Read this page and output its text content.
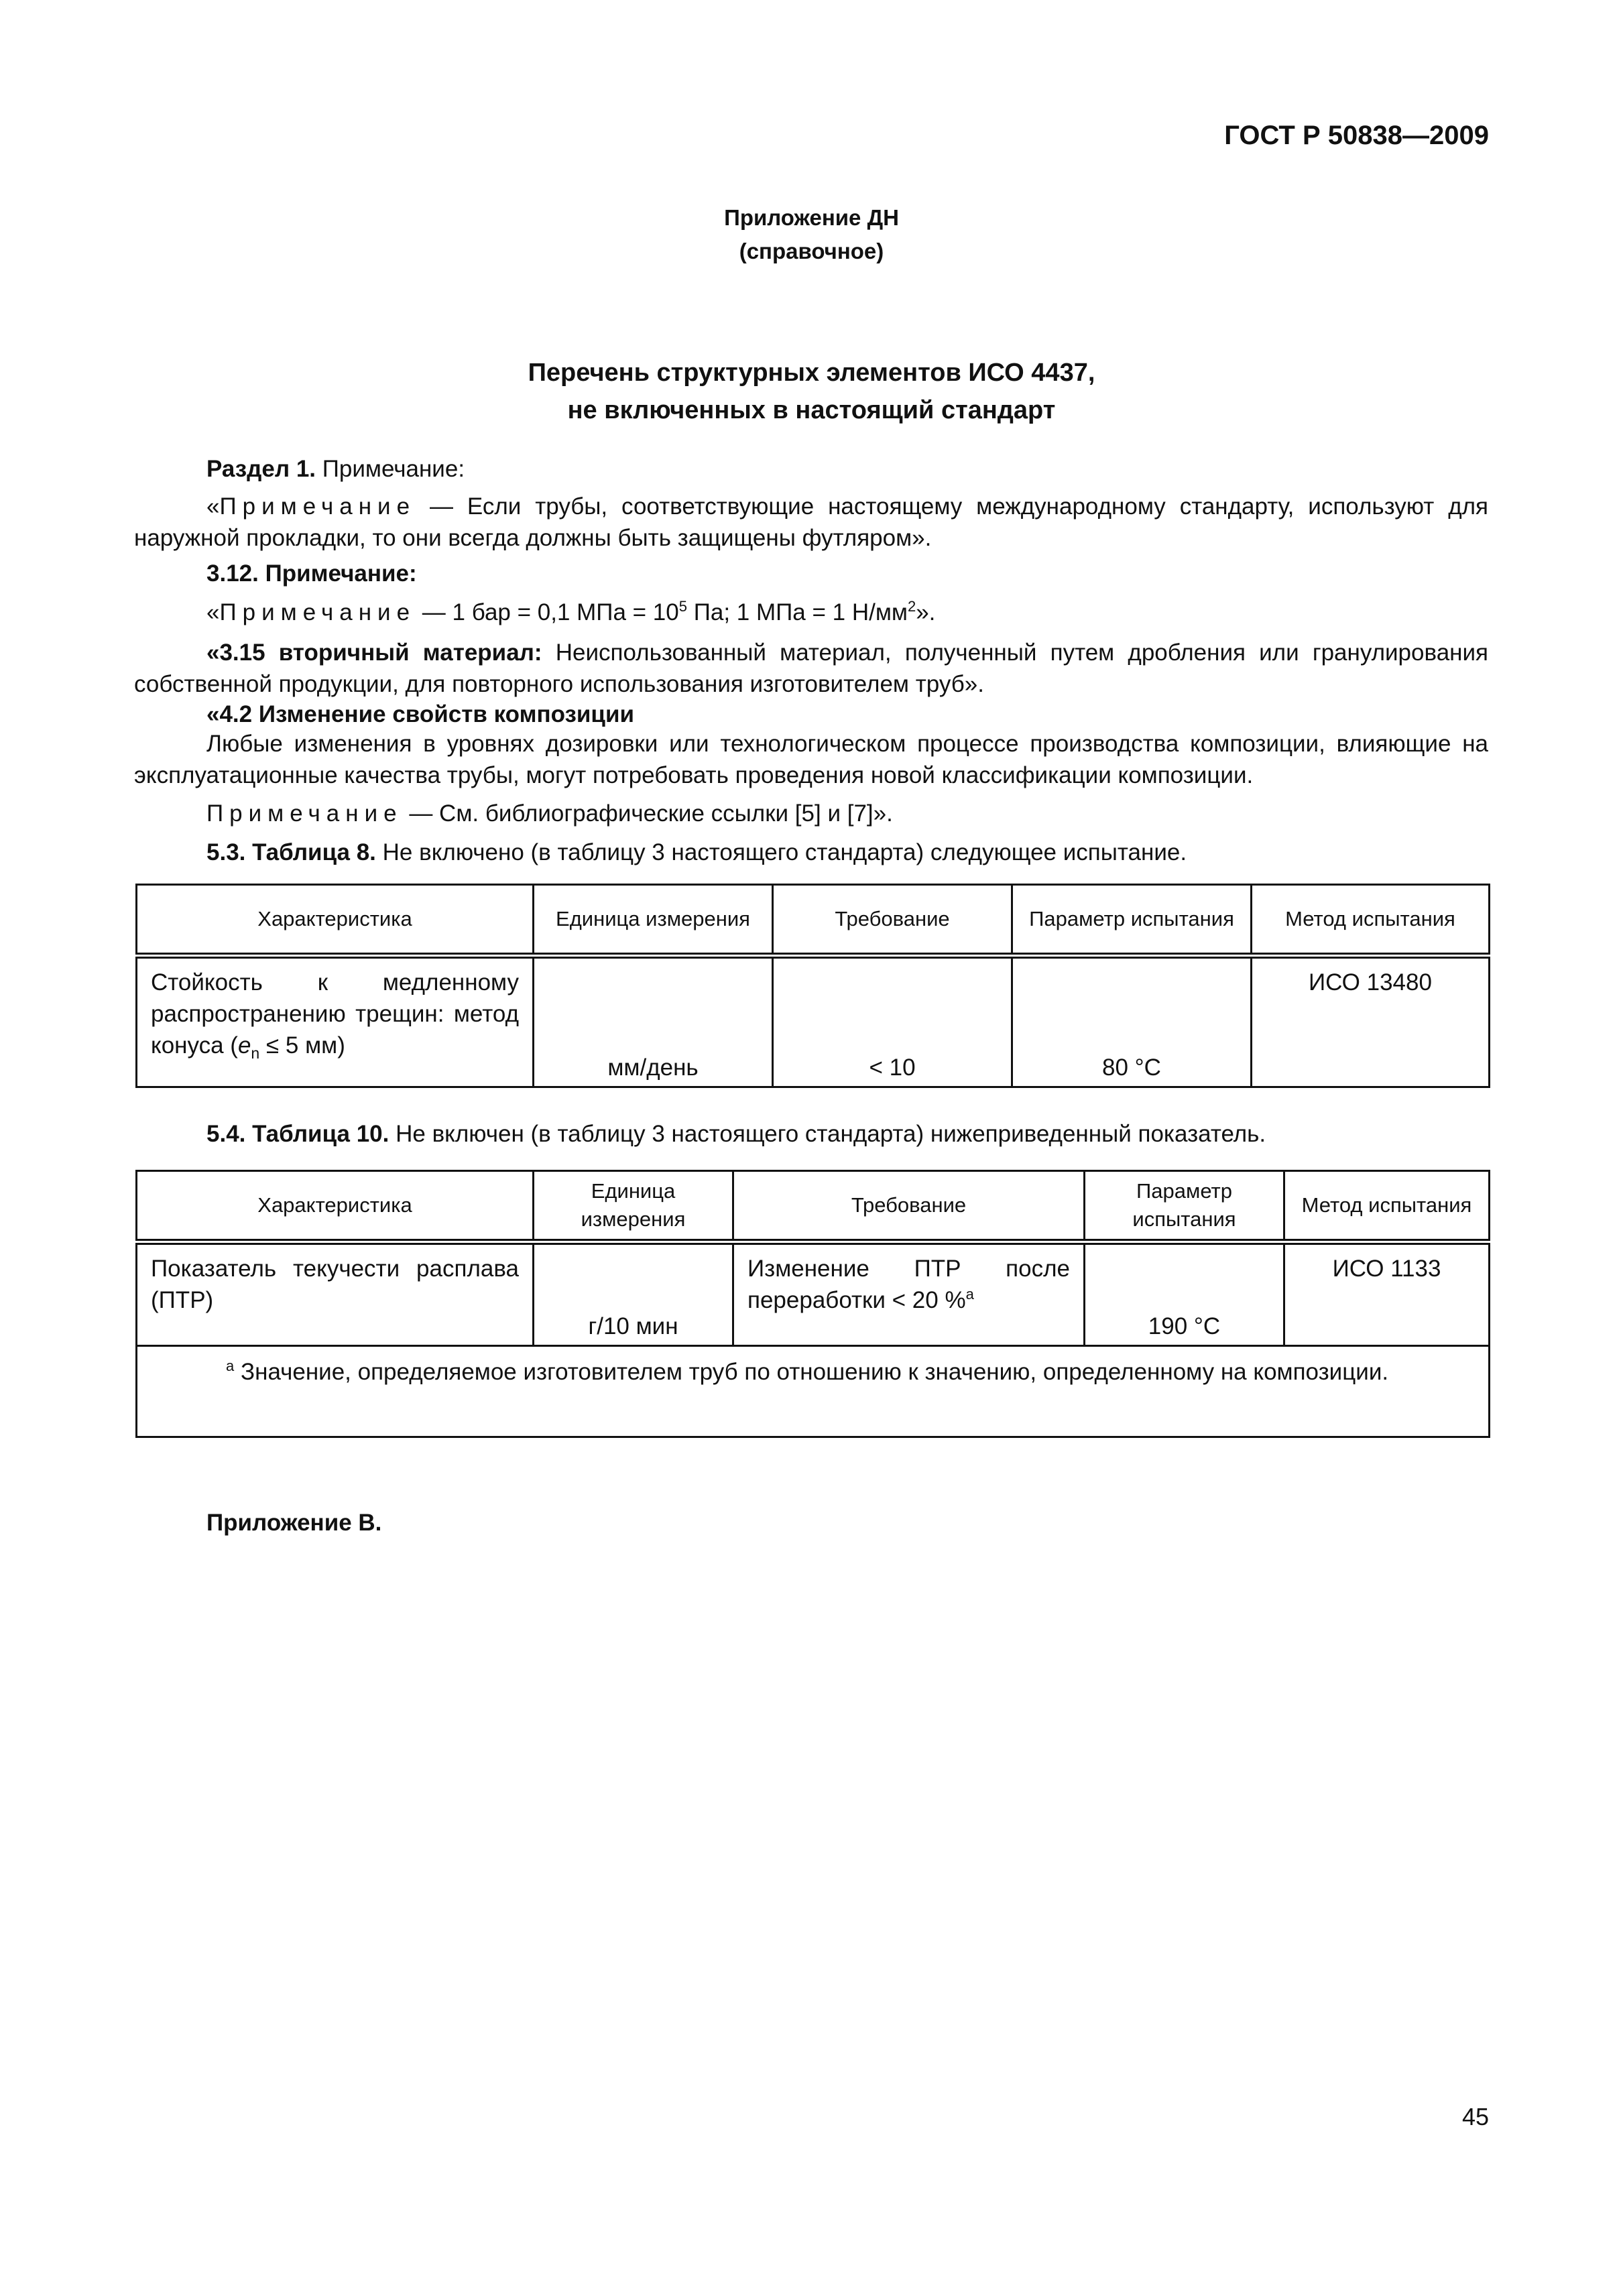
ГОСТ Р 50838—2009
Приложение ДН
(справочное)
Перечень структурных элементов ИСО 4437,
не включенных в настоящий стандарт
Раздел 1. Примечание:
«Примечание — Если трубы, соответствующие настоящему международному стандарту, используют для наружной прокладки, то они всегда должны быть защищены футляром».
3.12. Примечание:
«Примечание — 1 бар = 0,1 МПа = $10^5$ Па; 1 МПа = 1 $Н/мм^2$».
«3.15 вторичный материал: Неиспользованный материал, полученный путем дробления или гранулирования собственной продукции, для повторного использования изготовителем труб».
«4.2 Изменение свойств композиции
Любые изменения в уровнях дозировки или технологическом процессе производства композиции, влияющие на эксплуатационные качества трубы, могут потребовать проведения новой классификации композиции.
Примечание — См. библиографические ссылки [5] и [7]».
5.3. Таблица 8. Не включено (в таблицу 3 настоящего стандарта) следующее испытание.
Характеристика	Единица измерения	Требование	Параметр испытания	Метод испытания
Стойкость к медленному распространению трещин: метод конуса ($e_n \le 5$ мм)	мм/день	< 10	80 °С	ИСО 13480
5.4. Таблица 10. Не включен (в таблицу 3 настоящего стандарта) нижеприведенный показатель.
Характеристика	Единица измерения	Требование	Параметр испытания	Метод испытания
Показатель текучести расплава (ПТР)	г/10 мин	Изменение ПТР после переработки < 20 %$^а$	190 °С	ИСО 1133
$^а$ Значение, определяемое изготовителем труб по отношению к значению, определенному на композиции.				
Приложение В.
45
